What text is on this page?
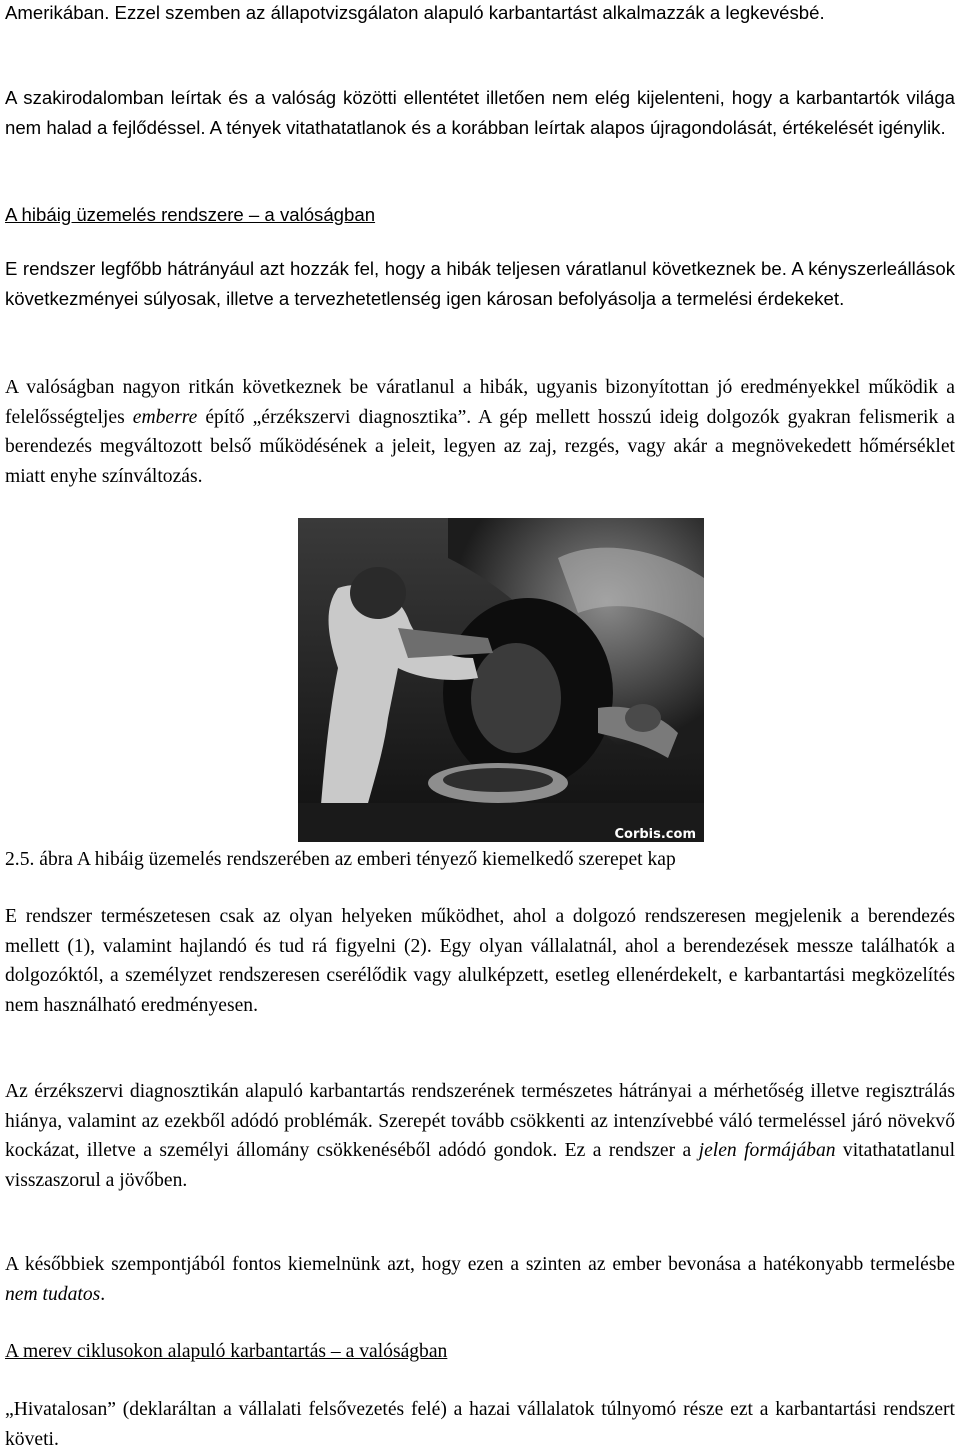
Amerikában. Ezzel szemben az állapotvizsgálaton alapuló karbantartást alkalmazzák a legkevésbé.

A szakirodalomban leírtak és a valóság közötti ellentétet illetően nem elég kijelenteni, hogy a karbantartók világa nem halad a fejlődéssel. A tények vitathatatlanok és a korábban leírtak alapos újragondolását, értékelését igénylik.

A hibáig üzemelés rendszere – a valóságban

E rendszer legfőbb hátrányául azt hozzák fel, hogy a hibák teljesen váratlanul következnek be. A kényszerleállások következményei súlyosak, illetve a tervezhetetlenség igen károsan befolyásolja a termelési érdekeket.

A valóságban nagyon ritkán következnek be váratlanul a hibák, ugyanis bizonyítottan jó eredményekkel működik a felelősségteljes emberre építő „érzékszervi diagnosztika”. A gép mellett hosszú ideig dolgozók gyakran felismerik a berendezés megváltozott belső működésének a jeleit, legyen az zaj, rezgés, vagy akár a megnövekedett hőmérséklet miatt enyhe színváltozás.

Corbis.com

2.5. ábra A hibáig üzemelés rendszerében az emberi tényező kiemelkedő szerepet kap

E rendszer természetesen csak az olyan helyeken működhet, ahol a dolgozó rendszeresen megjelenik a berendezés mellett (1), valamint hajlandó és tud rá figyelni (2). Egy olyan vállalatnál, ahol a berendezések messze találhatók a dolgozóktól, a személyzet rendszeresen cserélődik vagy alulképzett, esetleg ellenérdekelt, e karbantartási megközelítés nem használható eredményesen.

Az érzékszervi diagnosztikán alapuló karbantartás rendszerének természetes hátrányai a mérhetőség illetve regisztrálás hiánya, valamint az ezekből adódó problémák. Szerepét tovább csökkenti az intenzívebbé váló termeléssel járó növekvő kockázat, illetve a személyi állomány csökkenéséből adódó gondok. Ez a rendszer a jelen formájában vitathatatlanul visszaszorul a jövőben.

A későbbiek szempontjából fontos kiemelnünk azt, hogy ezen a szinten az ember bevonása a hatékonyabb termelésbe nem tudatos.

A merev ciklusokon alapuló karbantartás – a valóságban

„Hivatalosan” (deklaráltan a vállalati felsővezetés felé) a hazai vállalatok túlnyomó része ezt a karbantartási rendszert követi.
